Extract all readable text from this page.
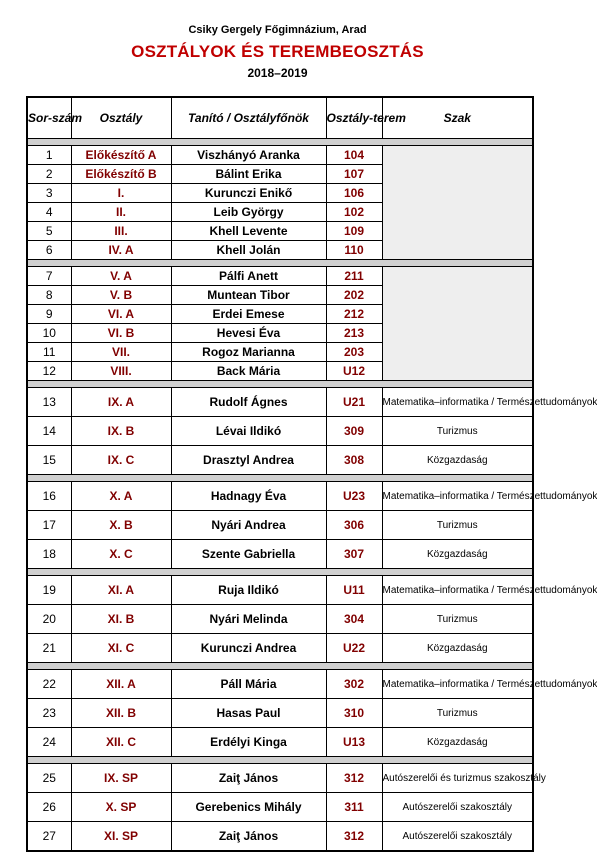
Csiky Gergely Főgimnázium, Arad
OSZTÁLYOK ÉS TEREMBEOSZTÁS
2018–2019
Sor-szám	Osztály	Tanító / Osztályfőnök	Osztály-terem	Szak

1	Előkészítő A	Viszhányó Aranka	104	
2	Előkészítő B	Bálint Erika	107	
3	I.	Kurunczi Enikő	106	
4	II.	Leib György	102	
5	III.	Khell Levente	109	
6	IV. A	Khell Jolán	110	

7	V. A	Pálfi Anett	211	
8	V. B	Muntean Tibor	202	
9	VI. A	Erdei Emese	212	
10	VI. B	Hevesi Éva	213	
11	VII.	Rogoz Marianna	203	
12	VIII.	Back Mária	U12	

13	IX. A	Rudolf Ágnes	U21	Matematika–informatika / Természettudományok
14	IX. B	Lévai Ildikó	309	Turizmus
15	IX. C	Drasztyl Andrea	308	Közgazdaság

16	X. A	Hadnagy Éva	U23	Matematika–informatika / Természettudományok
17	X. B	Nyári Andrea	306	Turizmus
18	X. C	Szente Gabriella	307	Közgazdaság

19	XI. A	Ruja Ildikó	U11	Matematika–informatika / Természettudományok
20	XI. B	Nyári Melinda	304	Turizmus
21	XI. C	Kurunczi Andrea	U22	Közgazdaság

22	XII. A	Páll Mária	302	Matematika–informatika / Természettudományok
23	XII. B	Hasas Paul	310	Turizmus
24	XII. C	Erdélyi Kinga	U13	Közgazdaság

25	IX. SP	Zaiţ János	312	Autószerelői és turizmus szakosztály
26	X. SP	Gerebenics Mihály	311	Autószerelői szakosztály
27	XI. SP	Zaiţ János	312	Autószerelői szakosztály
